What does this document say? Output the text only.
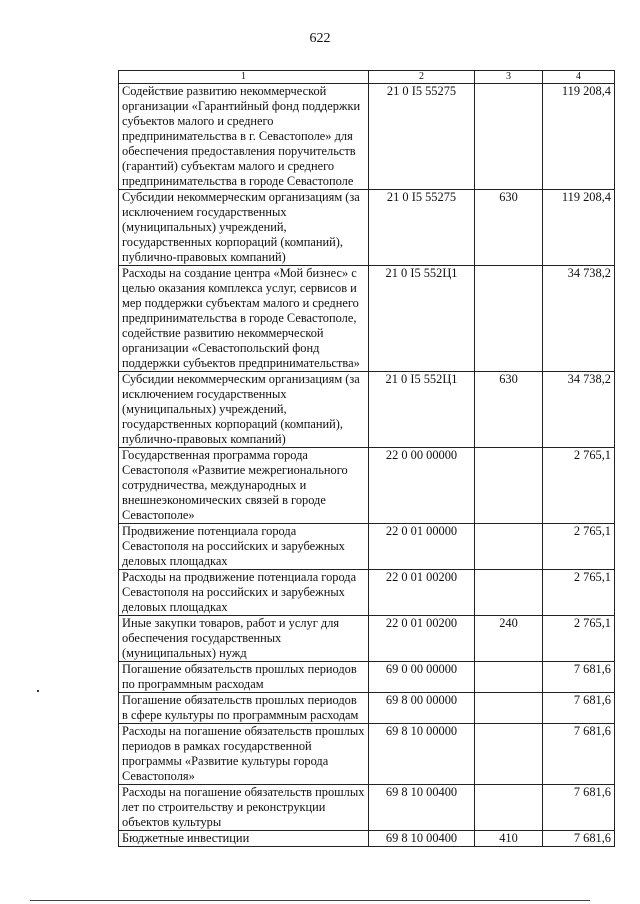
622
1	2	3	4
Содействие развитию некоммерческой организации «Гарантийный фонд поддержки субъектов малого и среднего предпринимательства в г. Севастополе» для обеспечения предоставления поручительств (гарантий) субъектам малого и среднего предпринимательства в городе Севастополе	21 0 I5 55275		119 208,4
Субсидии некоммерческим организациям (за исключением государственных (муниципальных) учреждений, государственных корпораций (компаний), публично-правовых компаний)	21 0 I5 55275	630	119 208,4
Расходы на создание центра «Мой бизнес» с целью оказания комплекса услуг, сервисов и мер поддержки субъектам малого и среднего предпринимательства в городе Севастополе, содействие развитию некоммерческой организации «Севастопольский фонд поддержки субъектов предпринимательства»	21 0 I5 552Ц1		34 738,2
Субсидии некоммерческим организациям (за исключением государственных (муниципальных) учреждений, государственных корпораций (компаний), публично-правовых компаний)	21 0 I5 552Ц1	630	34 738,2
Государственная программа города Севастополя «Развитие межрегионального сотрудничества, международных и внешнеэкономических связей в городе Севастополе»	22 0 00 00000		2 765,1
Продвижение потенциала города Севастополя на российских и зарубежных деловых площадках	22 0 01 00000		2 765,1
Расходы на продвижение потенциала города Севастополя на российских и зарубежных деловых площадках	22 0 01 00200		2 765,1
Иные закупки товаров, работ и услуг для обеспечения государственных (муниципальных) нужд	22 0 01 00200	240	2 765,1
Погашение обязательств прошлых периодов по программным расходам	69 0 00 00000		7 681,6
Погашение обязательств прошлых периодов в сфере культуры по программным расходам	69 8 00 00000		7 681,6
Расходы на погашение обязательств прошлых периодов в рамках государственной программы «Развитие культуры города Севастополя»	69 8 10 00000		7 681,6
Расходы на погашение обязательств прошлых лет по строительству и реконструкции объектов культуры	69 8 10 00400		7 681,6
Бюджетные инвестиции	69 8 10 00400	410	7 681,6
